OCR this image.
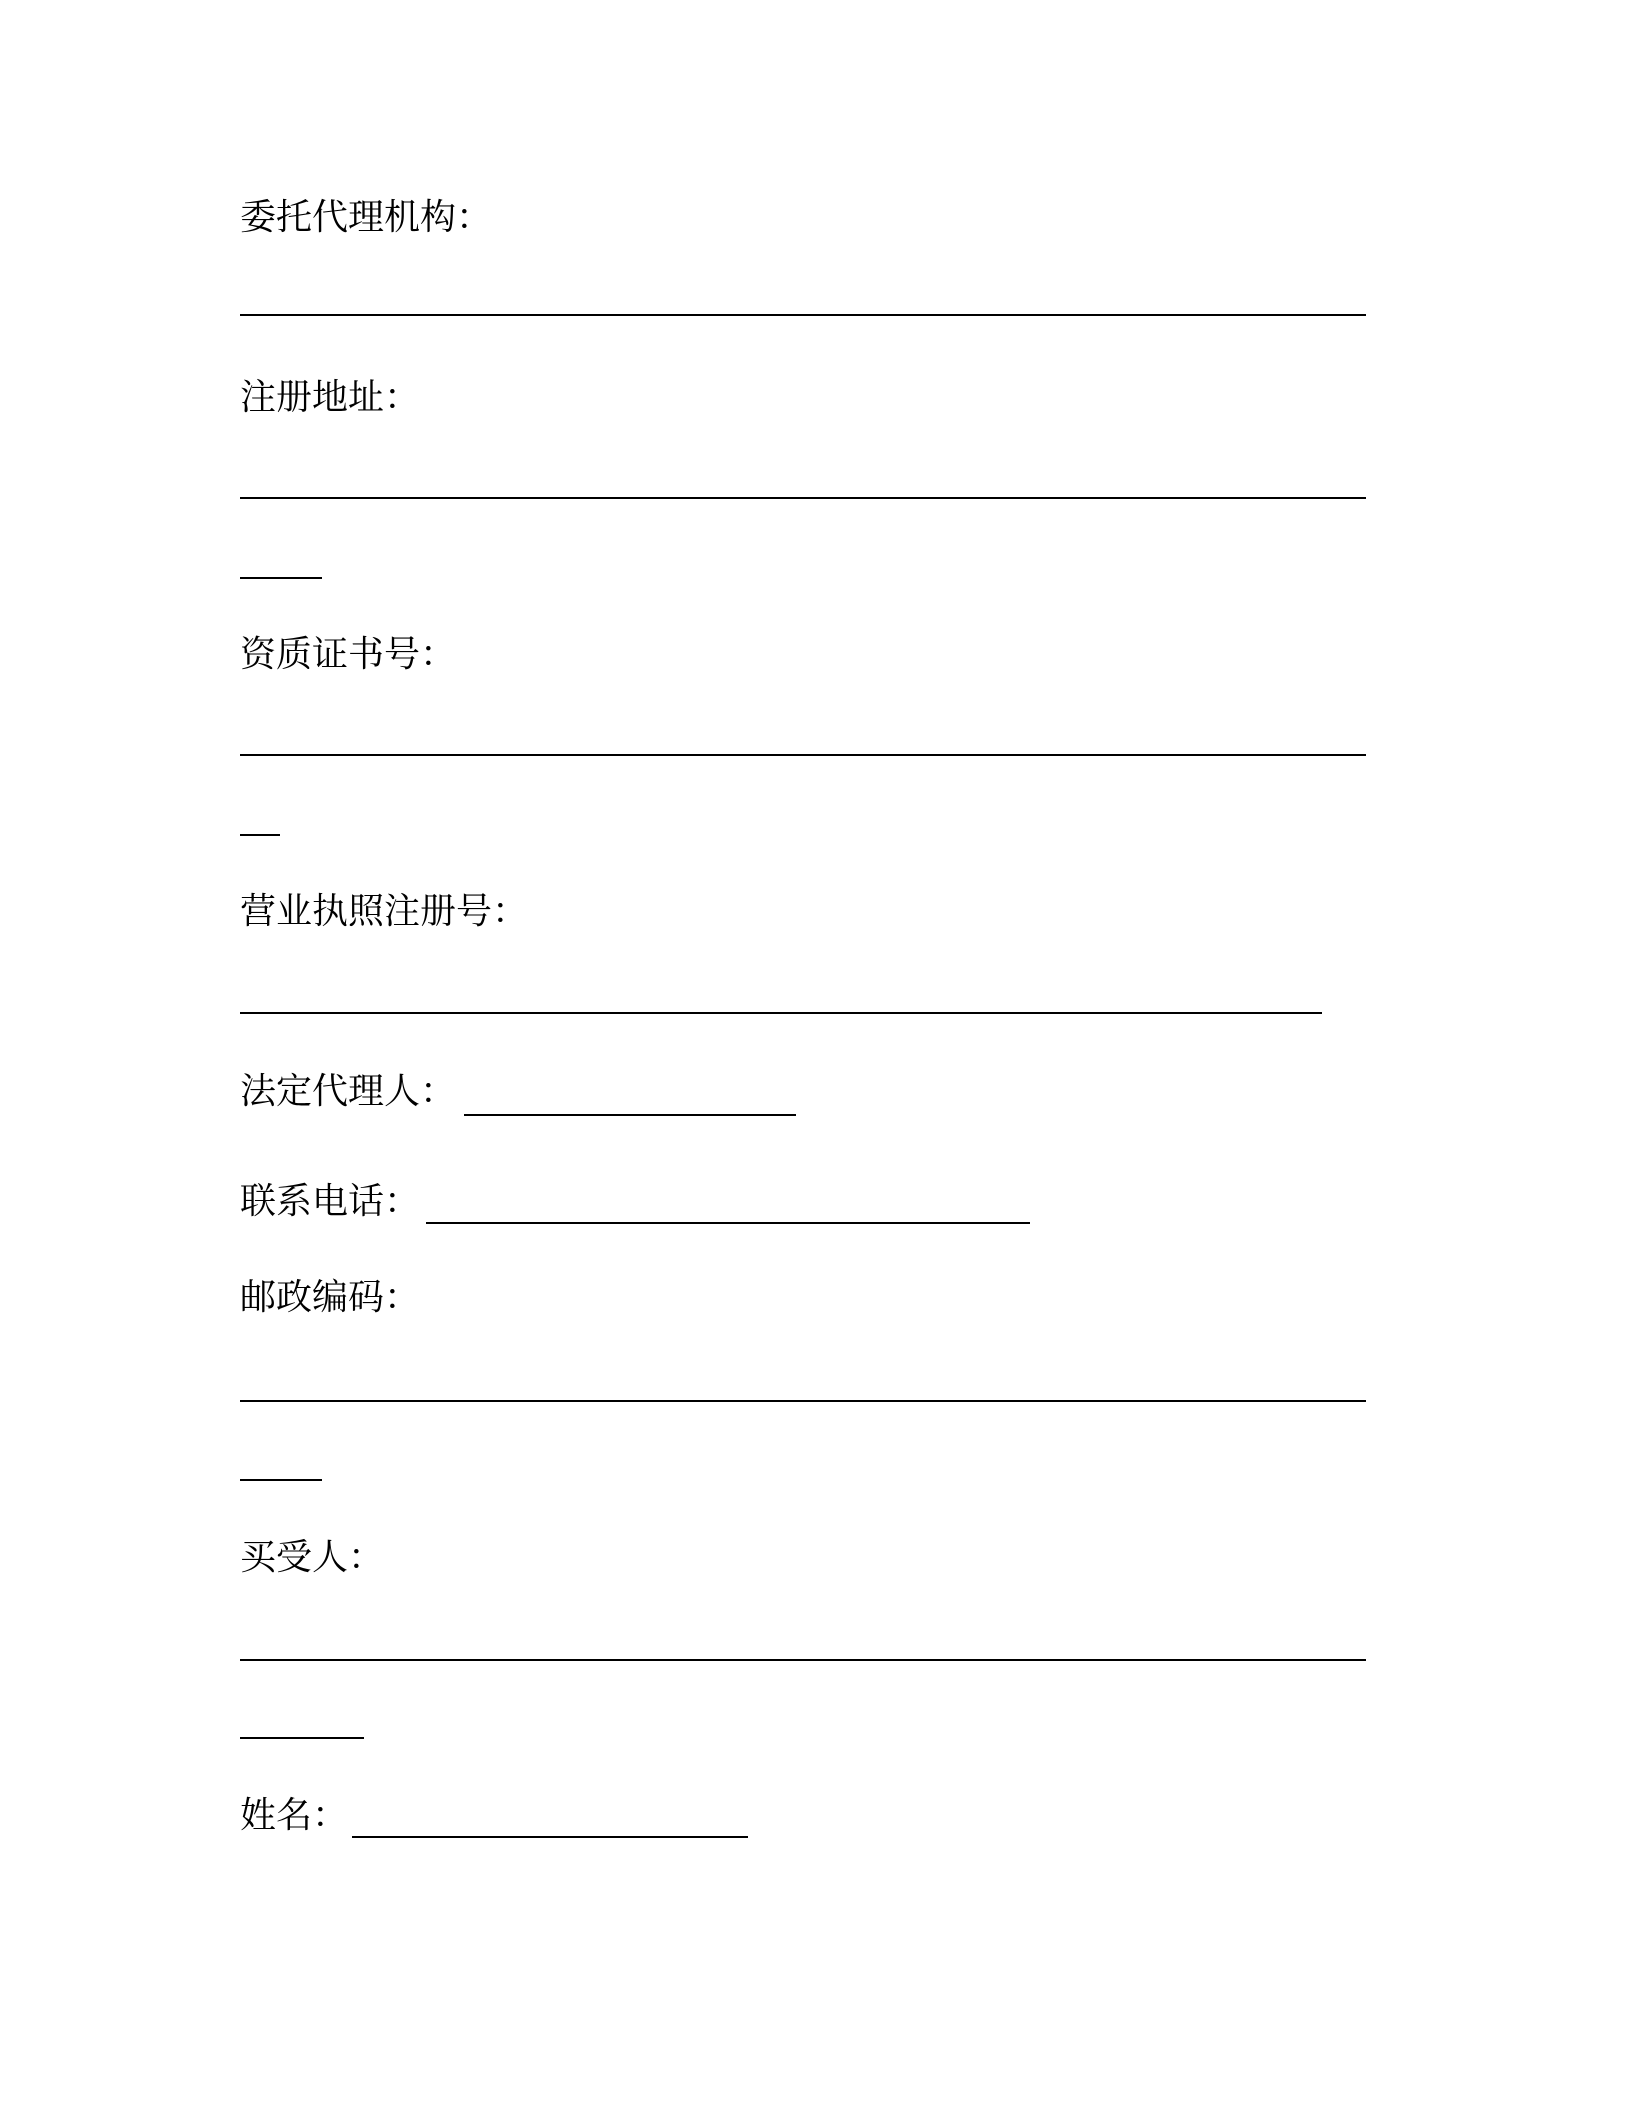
委托代理机构：
注册地址：
资质证书号：
营业执照注册号：
法定代理人：
联系电话：
邮政编码：
买受人：
姓名：
